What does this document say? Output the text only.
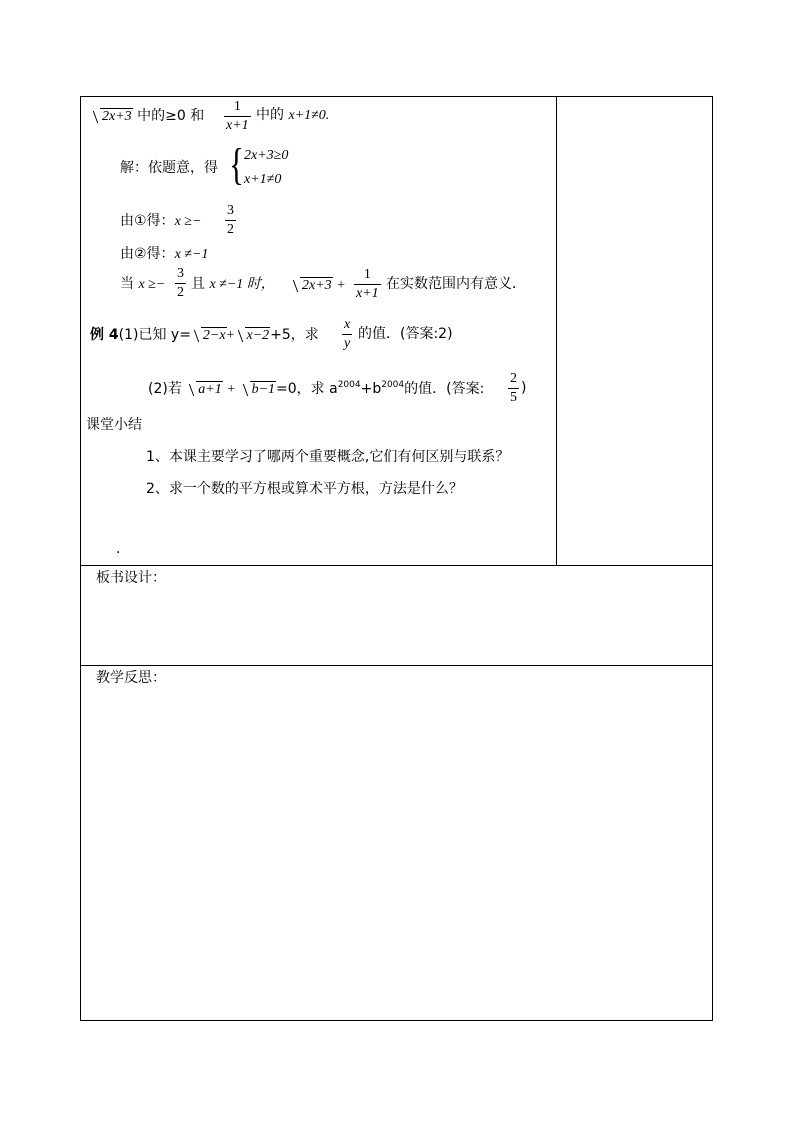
2x+3 中的≥0 和 $\frac{1}{x+1}$ 中的 x+1≠0.
解：依题意，得 { 2x+3≥0
x+1≠0
由①得：$x \ge- \frac{3}{2}$
由②得：x ≠−1
当 $x \ge- \frac{3}{2}$ 且 x ≠−1 时，	$2x+3 + \frac{1}{x+1}$ 在实数范围内有意义．
例 4(1)已知 y= 2−x+ x−2+5，求 $\frac{x}{y}$ 的值．(答案:2)
(2)若 a+1 + b−1=0，求 $a^{2004}+b^{2004}$的值．(答案: $\frac{2}{5}$ )
课堂小结
1、本课主要学习了哪两个重要概念,它们有何区别与联系？
2、求一个数的平方根或算术平方根，方法是什么？
.
板书设计：
教学反思：
